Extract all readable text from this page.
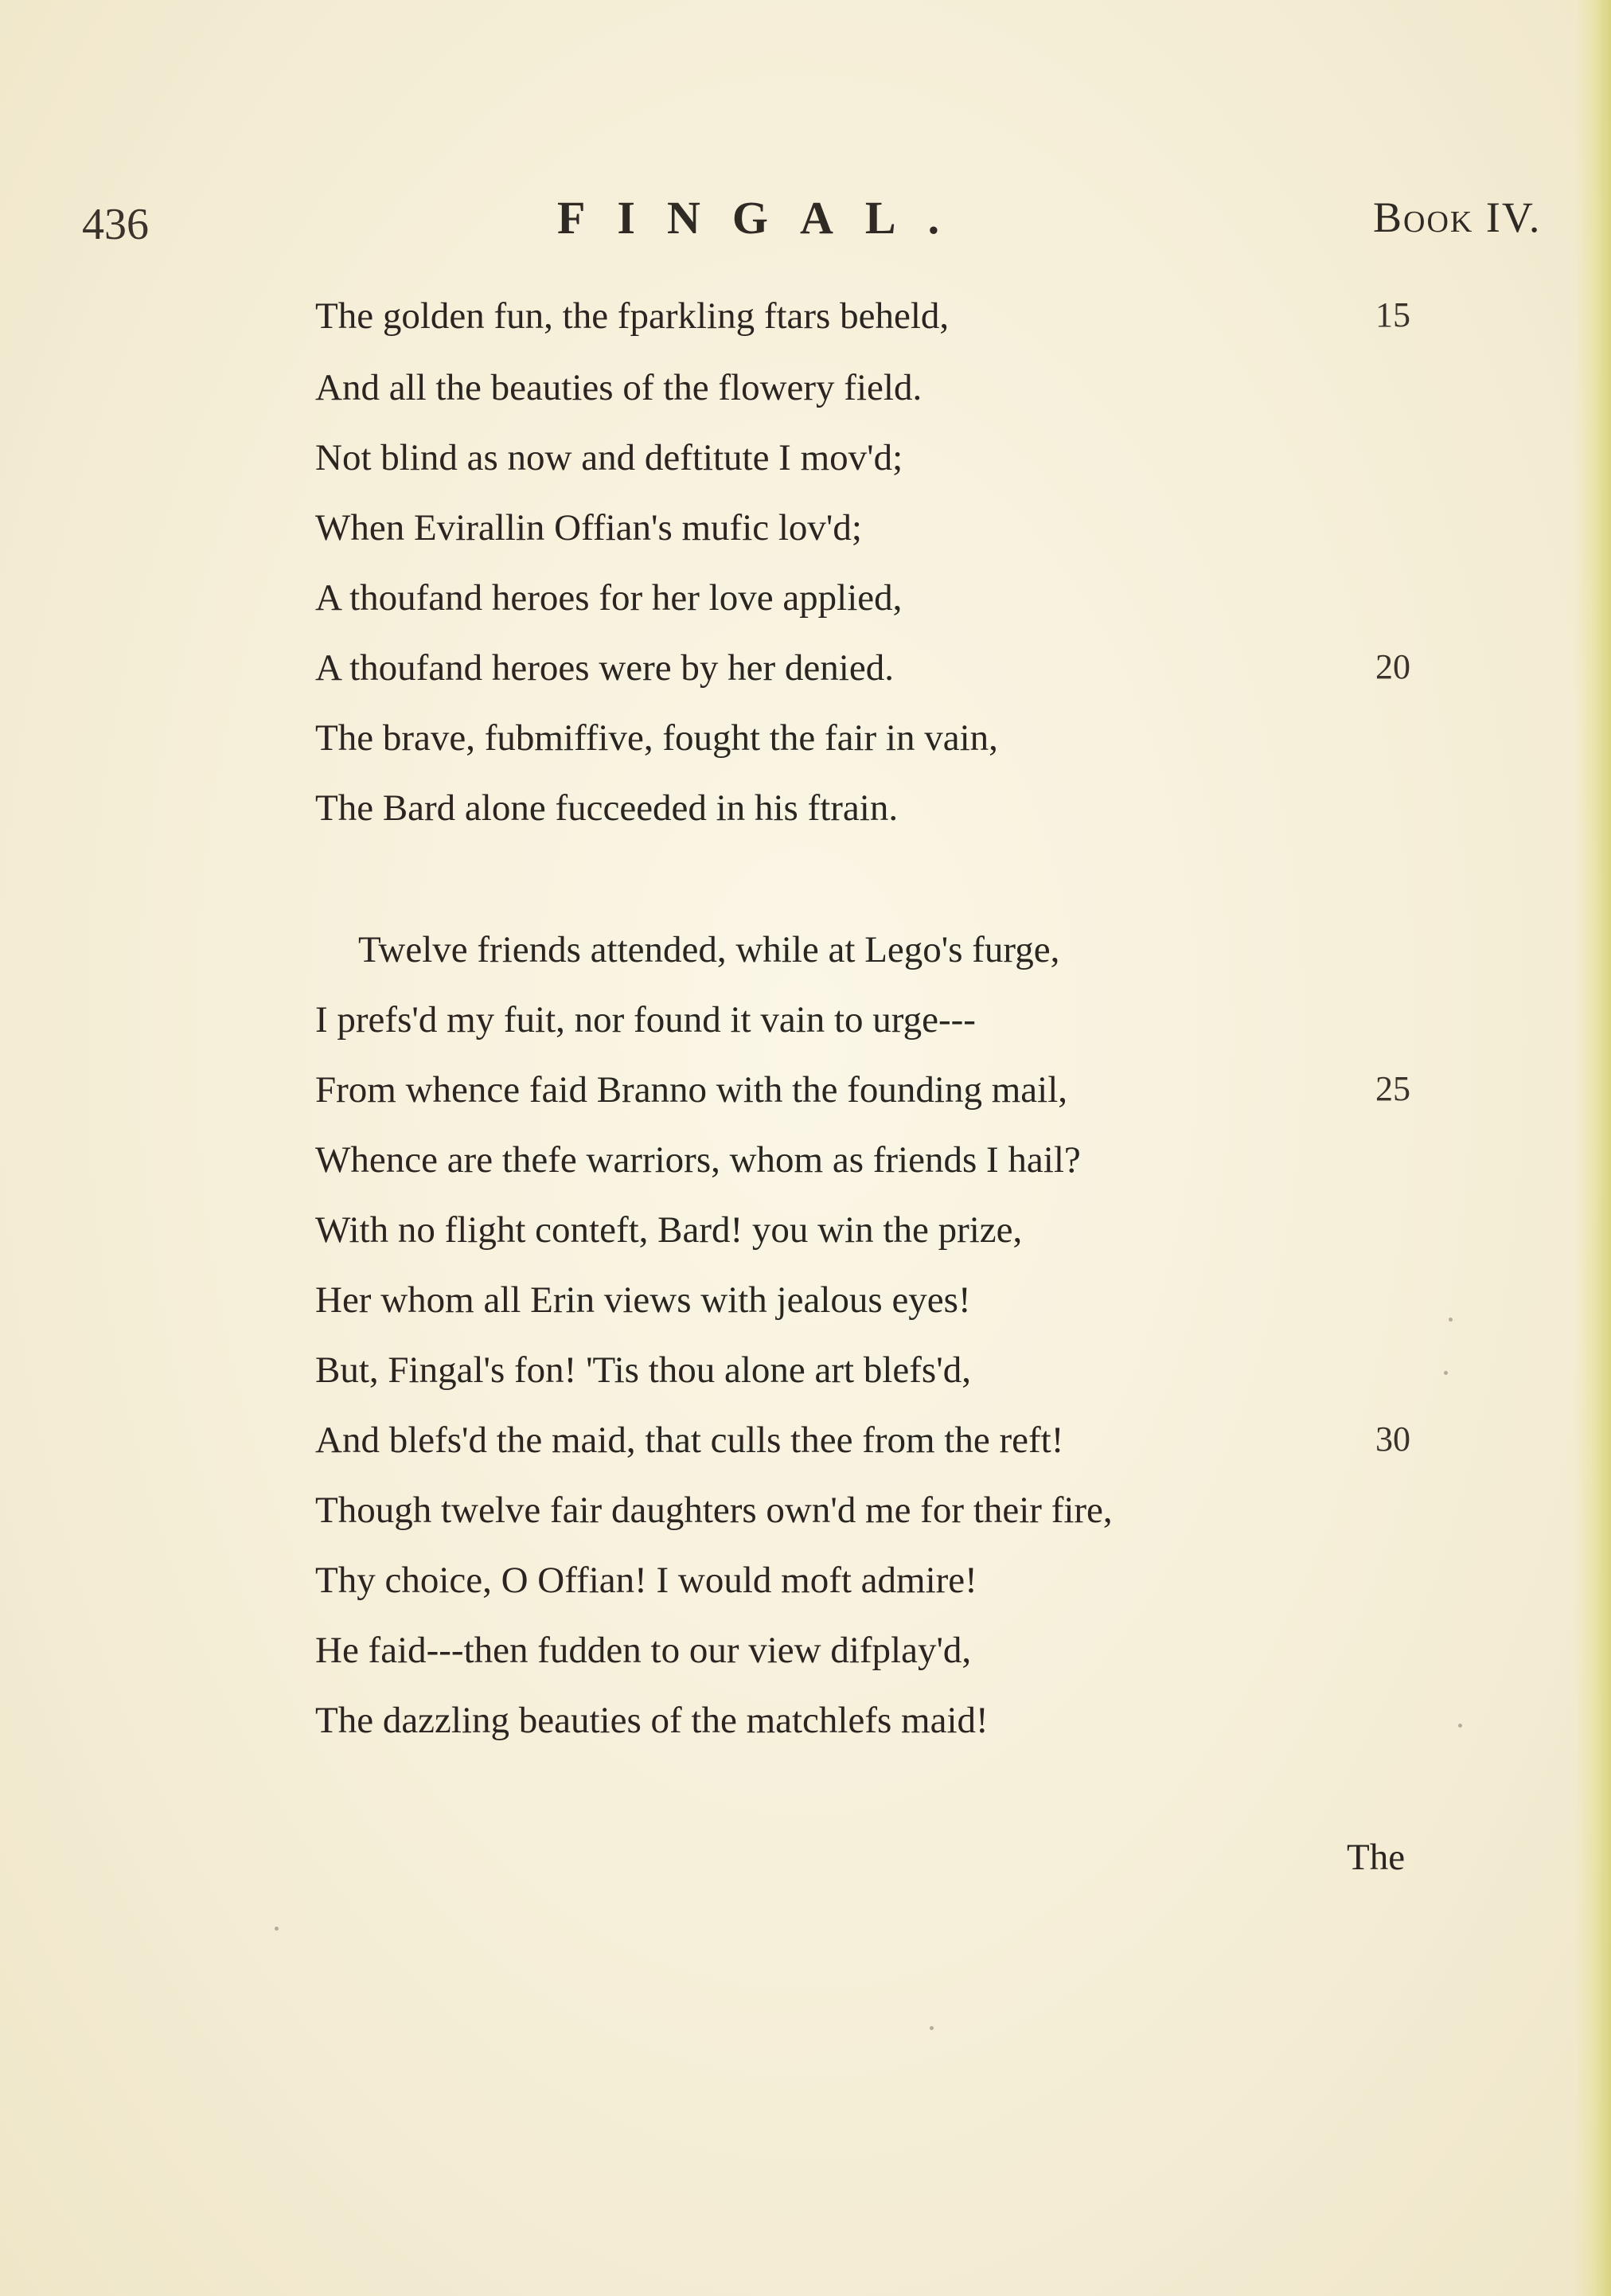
436	FINGAL.	Book IV.
The golden fun, the fparkling ftars beheld,	15
And all the beauties of the flowery field.
Not blind as now and deftitute I mov'd;
When Evirallin Offian's mufic lov'd;
A thoufand heroes for her love applied,
A thoufand heroes were by her denied.	20
The brave, fubmiffive, fought the fair in vain,
The Bard alone fucceeded in his ftrain.
Twelve friends attended, while at Lego's furge,
I prefs'd my fuit, nor found it vain to urge---
From whence faid Branno with the founding mail,	25
Whence are thefe warriors, whom as friends I hail?
With no flight conteft, Bard! you win the prize,
Her whom all Erin views with jealous eyes!
But, Fingal's fon! 'Tis thou alone art blefs'd,
And blefs'd the maid, that culls thee from the reft!	30
Though twelve fair daughters own'd me for their fire,
Thy choice, O Offian! I would moft admire!
He faid---then fudden to our view difplay'd,
The dazzling beauties of the matchlefs maid!
The
